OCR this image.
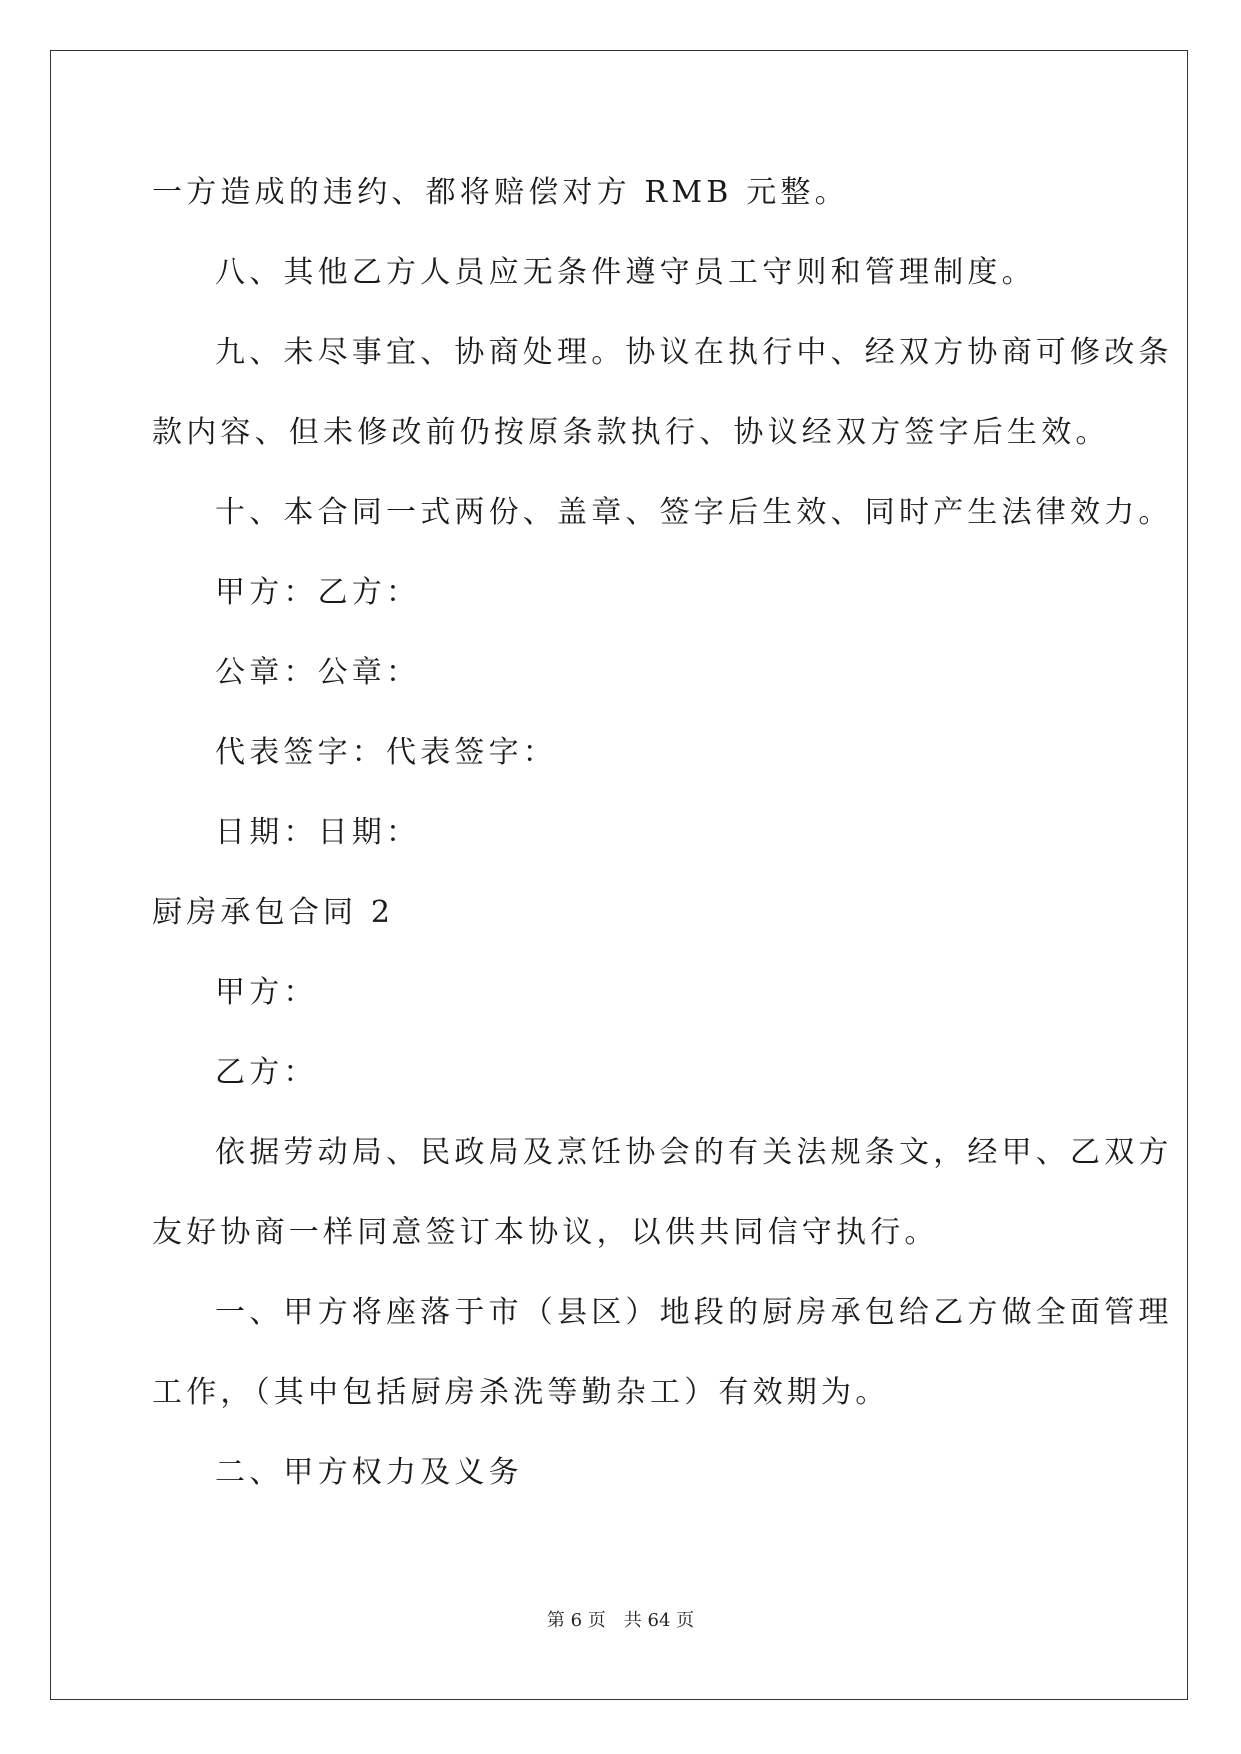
一方造成的违约、都将赔偿对方 RMB 元整。
八、其他乙方人员应无条件遵守员工守则和管理制度。
九、未尽事宜、协商处理。协议在执行中、经双方协商可修改条
款内容、但未修改前仍按原条款执行、协议经双方签字后生效。
十、本合同一式两份、盖章、签字后生效、同时产生法律效力。
甲方：乙方：
公章：公章：
代表签字：代表签字：
日期：日期：
厨房承包合同 2
甲方：
乙方：
依据劳动局、民政局及烹饪协会的有关法规条文，经甲、乙双方
友好协商一样同意签订本协议，以供共同信守执行。
一、甲方将座落于市（县区）地段的厨房承包给乙方做全面管理
工作，（其中包括厨房杀洗等勤杂工）有效期为。
二、甲方权力及义务
第 6 页 共 64 页
